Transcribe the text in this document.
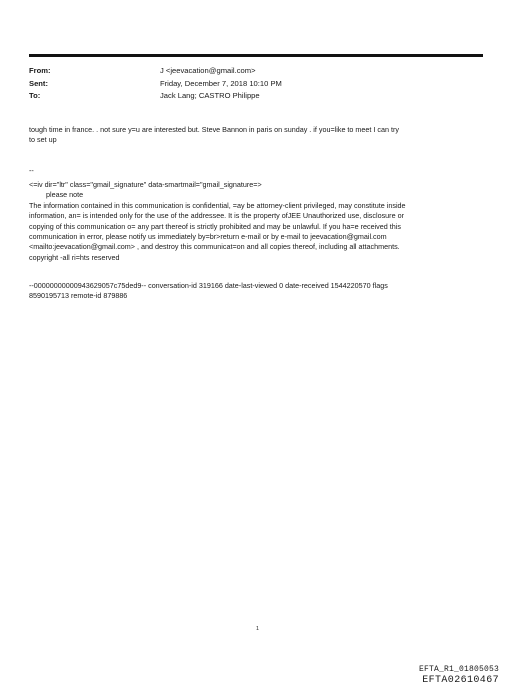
From:	J <jeevacation@gmail.com>
Sent:	Friday, December 7, 2018 10:10 PM
To:	Jack Lang; CASTRO Philippe

tough time in france. . not sure y=u are interested but. Steve Bannon in paris on sunday . if you=like to meet I can try

to set up

--

<=iv dir="ltr" class="gmail_signature" data-smartmail="gmail_signature=>

please note

The information contained in this communication is confidential, =ay be attorney-client privileged, may constitute inside

information, an= is intended only for the use of the addressee. It is the property ofJEE Unauthorized use, disclosure or

copying of this communication o= any part thereof is strictly prohibited and may be unlawful. If you ha=e received this

communication in error, please notify us immediately by=br>return e-mail or by e-mail to jeevacation@gmail.com

<mailto:jeevacation@gmail.com> , and destroy this communicat=on and all copies thereof, including all attachments.

copyright -all ri=hts reserved

--00000000000943629057c75ded9-- conversation-id 319166 date-last-viewed 0 date-received 1544220570 flags

8590195713 remote-id 879886

1
EFTA_R1_01805053
EFTA02610467
